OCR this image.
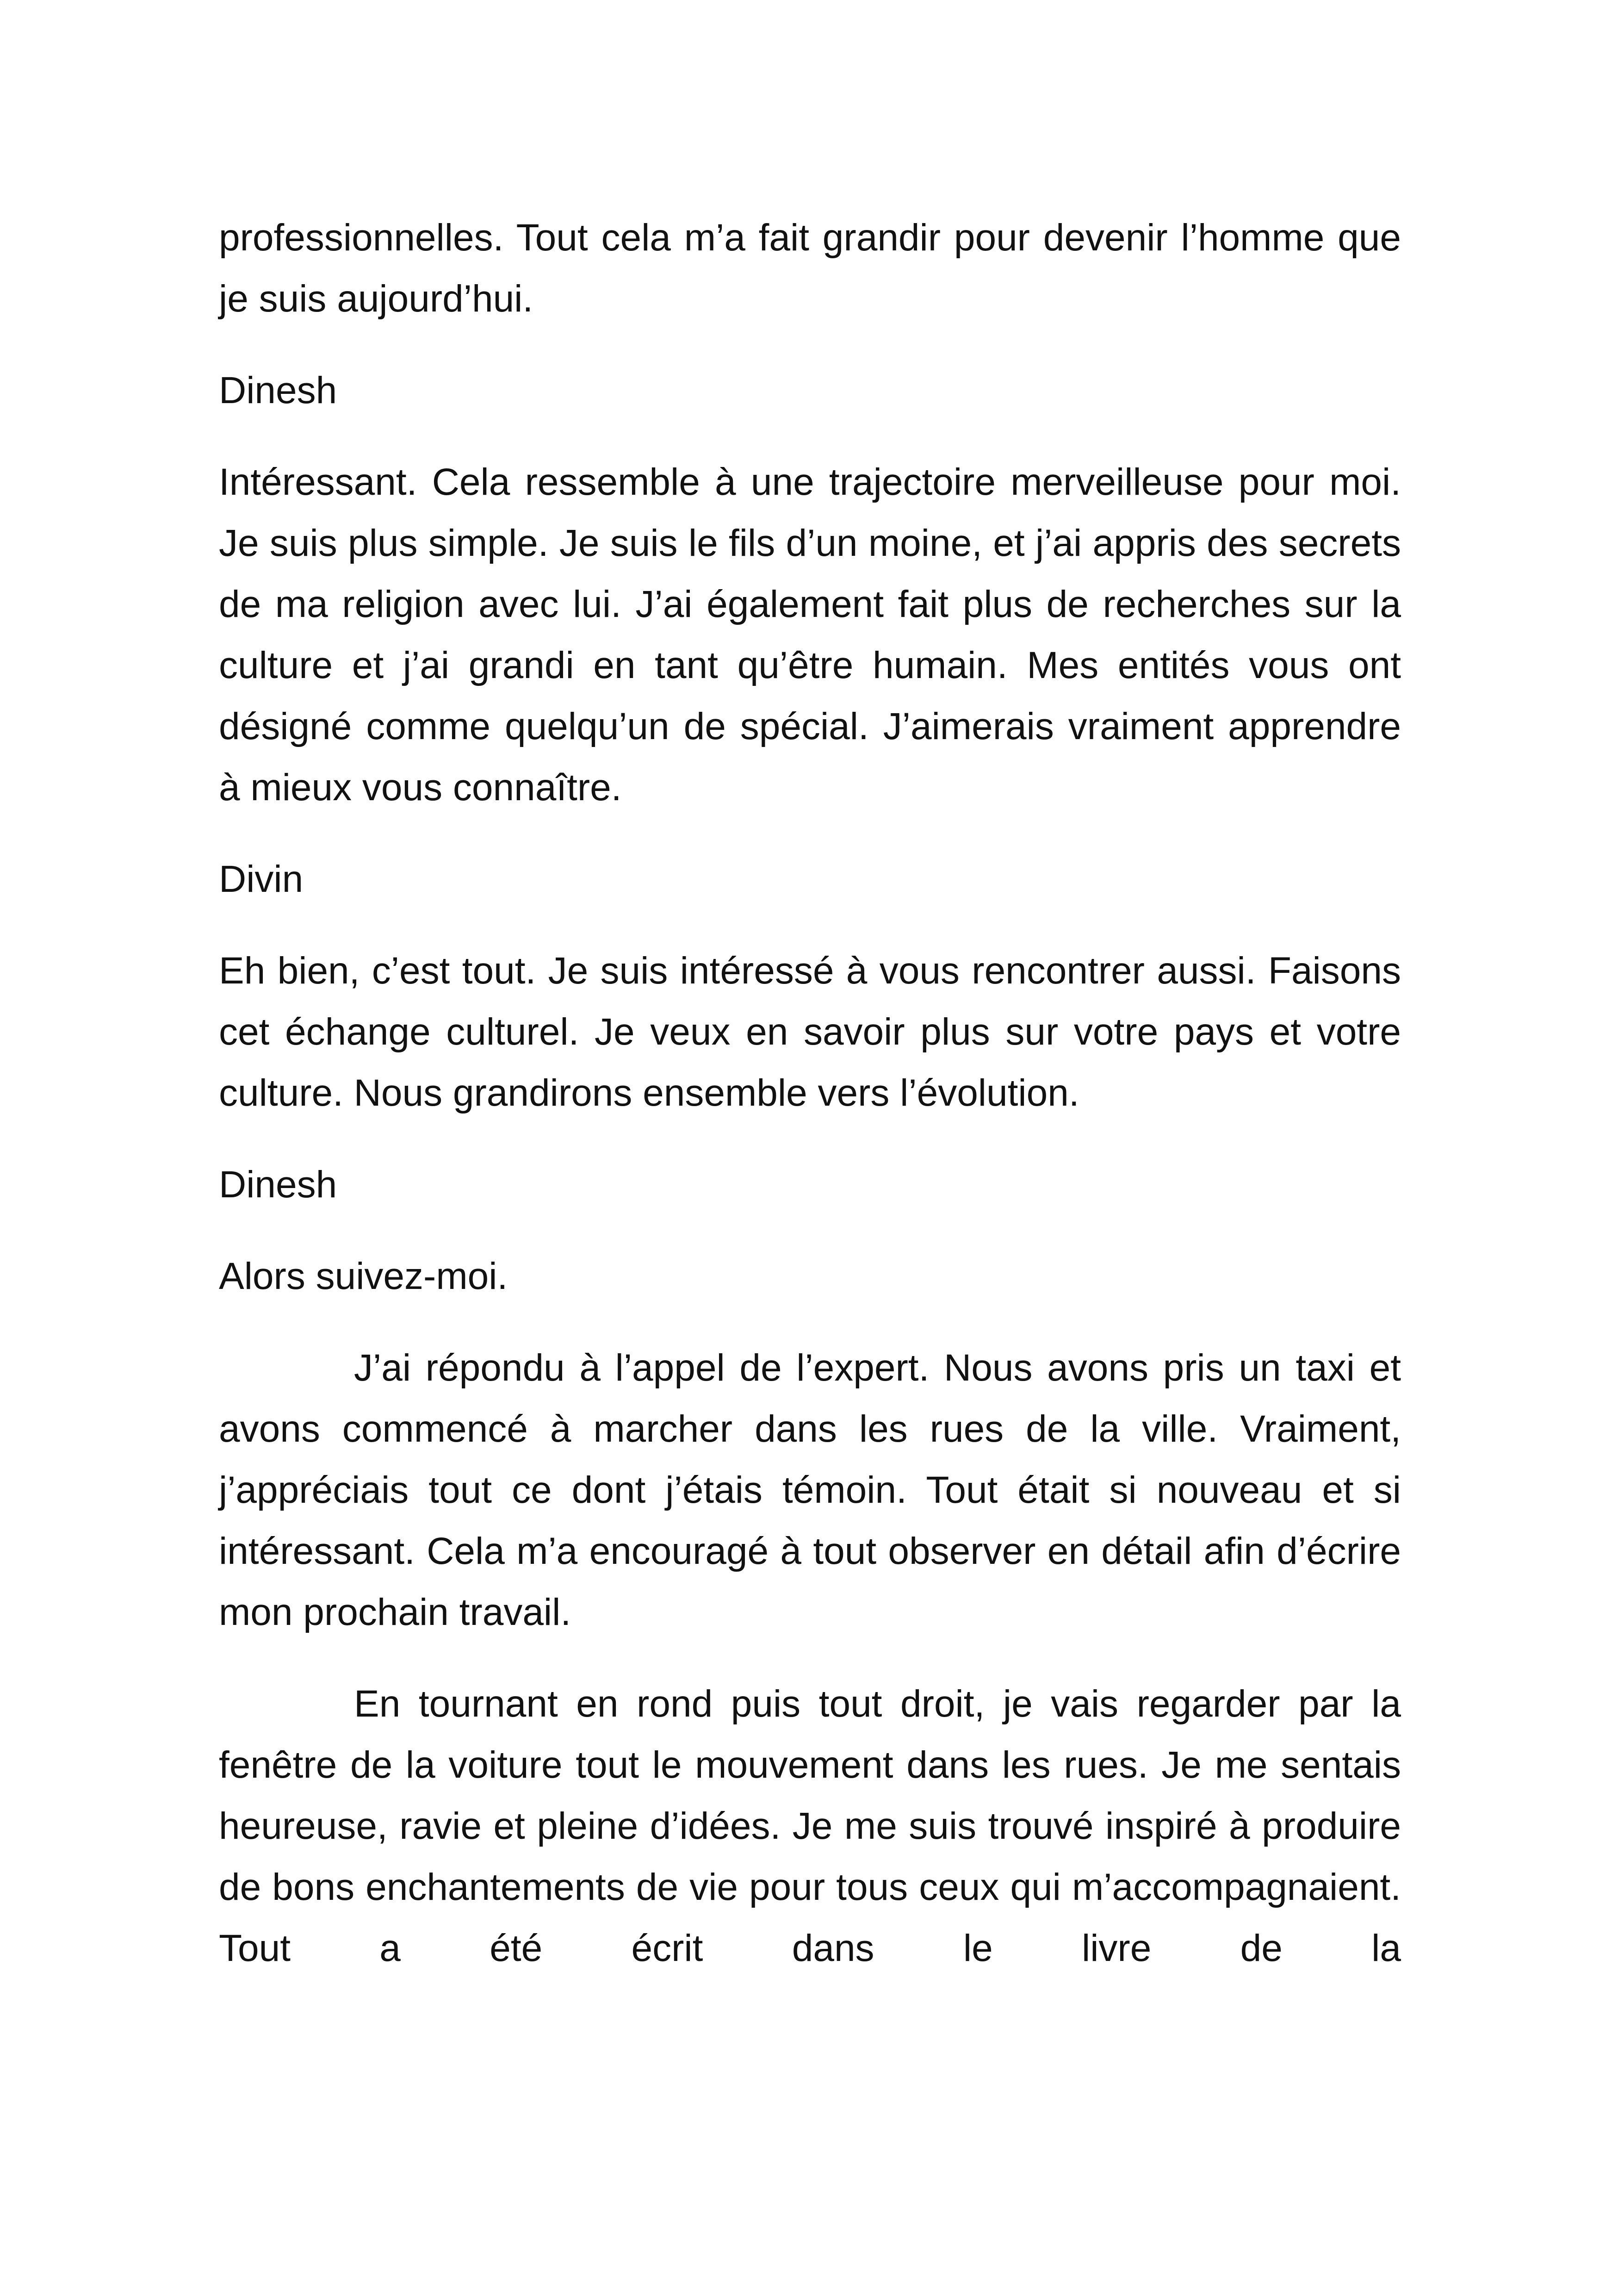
professionnelles. Tout cela m’a fait grandir pour devenir l’homme que je suis aujourd’hui.

Dinesh

Intéressant. Cela ressemble à une trajectoire merveilleuse pour moi. Je suis plus simple. Je suis le fils d’un moine, et j’ai appris des secrets de ma religion avec lui. J’ai également fait plus de recherches sur la culture et j’ai grandi en tant qu’être humain. Mes entités vous ont désigné comme quelqu’un de spécial. J’aimerais vraiment apprendre à mieux vous connaître.

Divin

Eh bien, c’est tout. Je suis intéressé à vous rencontrer aussi. Faisons cet échange culturel. Je veux en savoir plus sur votre pays et votre culture. Nous grandirons ensemble vers l’évolution.

Dinesh

Alors suivez-moi.

J’ai répondu à l’appel de l’expert. Nous avons pris un taxi et avons commencé à marcher dans les rues de la ville. Vraiment, j’appréciais tout ce dont j’étais témoin. Tout était si nouveau et si intéressant. Cela m’a encouragé à tout observer en détail afin d’écrire mon prochain travail.

En tournant en rond puis tout droit, je vais regarder par la fenêtre de la voiture tout le mouvement dans les rues. Je me sentais heureuse, ravie et pleine d’idées. Je me suis trouvé inspiré à produire de bons enchantements de vie pour tous ceux qui m’accompagnaient. Tout a été écrit dans le livre de la
